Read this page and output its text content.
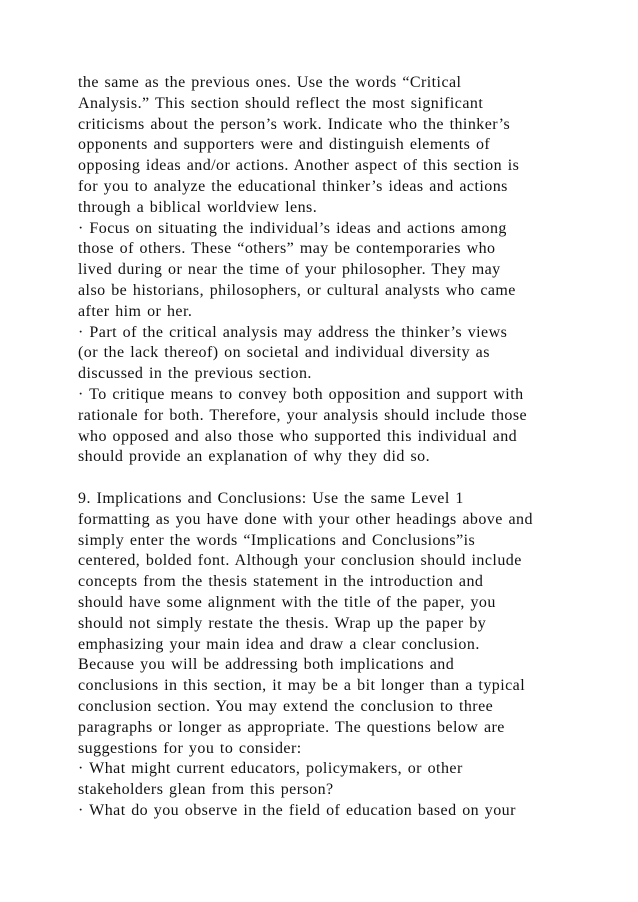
the same as the previous ones. Use the words “Critical
Analysis.” This section should reflect the most significant
criticisms about the person’s work. Indicate who the thinker’s
opponents and supporters were and distinguish elements of
opposing ideas and/or actions. Another aspect of this section is
for you to analyze the educational thinker’s ideas and actions
through a biblical worldview lens.
· Focus on situating the individual’s ideas and actions among
those of others. These “others” may be contemporaries who
lived during or near the time of your philosopher. They may
also be historians, philosophers, or cultural analysts who came
after him or her.
· Part of the critical analysis may address the thinker’s views
(or the lack thereof) on societal and individual diversity as
discussed in the previous section.
· To critique means to convey both opposition and support with
rationale for both. Therefore, your analysis should include those
who opposed and also those who supported this individual and
should provide an explanation of why they did so.
9. Implications and Conclusions: Use the same Level 1
formatting as you have done with your other headings above and
simply enter the words “Implications and Conclusions”is
centered, bolded font. Although your conclusion should include
concepts from the thesis statement in the introduction and
should have some alignment with the title of the paper, you
should not simply restate the thesis. Wrap up the paper by
emphasizing your main idea and draw a clear conclusion.
Because you will be addressing both implications and
conclusions in this section, it may be a bit longer than a typical
conclusion section. You may extend the conclusion to three
paragraphs or longer as appropriate. The questions below are
suggestions for you to consider:
· What might current educators, policymakers, or other
stakeholders glean from this person?
· What do you observe in the field of education based on your
